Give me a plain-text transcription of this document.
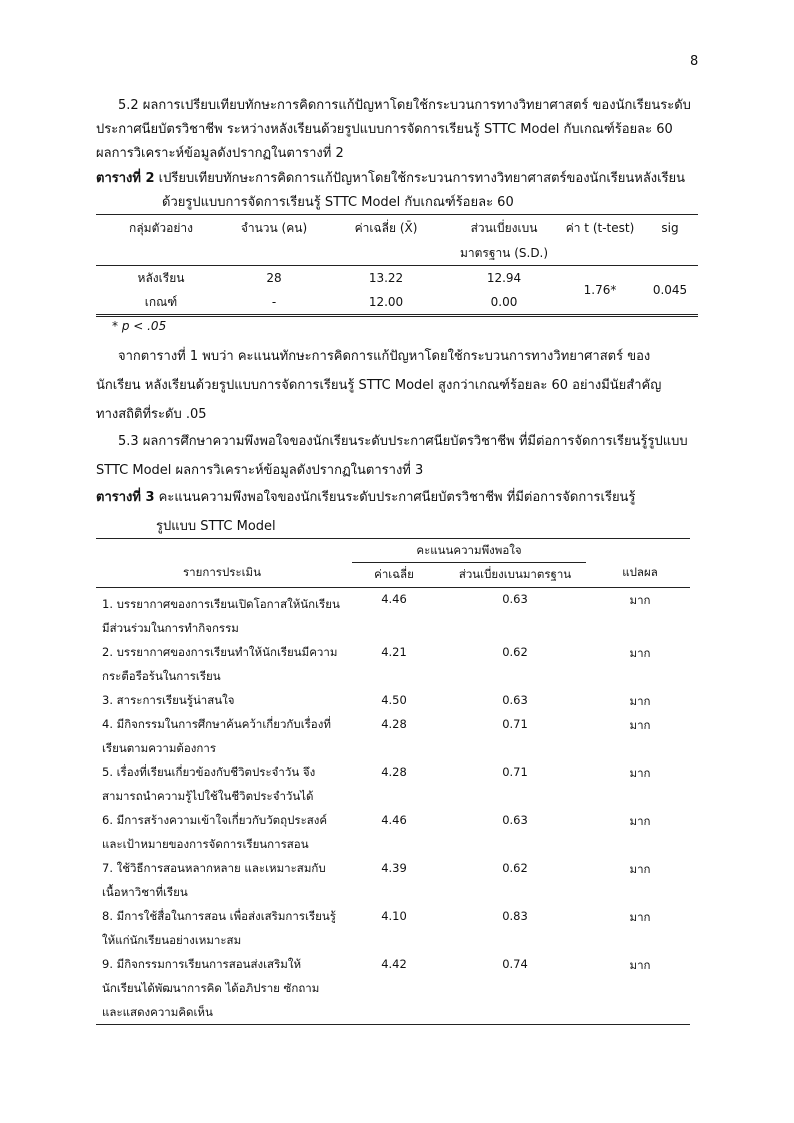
8
5.2 ผลการเปรียบเทียบทักษะการคิดการแก้ปัญหาโดยใช้กระบวนการทางวิทยาศาสตร์ ของนักเรียนระดับ
ประกาศนียบัตรวิชาชีพ ระหว่างหลังเรียนด้วยรูปแบบการจัดการเรียนรู้ STTC Model กับเกณฑ์ร้อยละ 60
ผลการวิเคราะห์ข้อมูลดังปรากฏในตารางที่ 2
ตารางที่ 2 เปรียบเทียบทักษะการคิดการแก้ปัญหาโดยใช้กระบวนการทางวิทยาศาสตร์ของนักเรียนหลังเรียน
ด้วยรูปแบบการจัดการเรียนรู้ STTC Model กับเกณฑ์ร้อยละ 60
กลุ่มตัวอย่าง	จำนวน (คน)	ค่าเฉลี่ย (X̄)	ส่วนเบี่ยงเบน	ค่า t (t-test)	sig
			มาตรฐาน (S.D.)		
หลังเรียน	28	13.22	12.94	1.76*	0.045
เกณฑ์	-	12.00	0.00		
* p < .05
จากตารางที่ 1 พบว่า คะแนนทักษะการคิดการแก้ปัญหาโดยใช้กระบวนการทางวิทยาศาสตร์ ของ
นักเรียน หลังเรียนด้วยรูปแบบการจัดการเรียนรู้ STTC Model สูงกว่าเกณฑ์ร้อยละ 60 อย่างมีนัยสำคัญ
ทางสถิติที่ระดับ .05
5.3 ผลการศึกษาความพึงพอใจของนักเรียนระดับประกาศนียบัตรวิชาชีพ ที่มีต่อการจัดการเรียนรู้รูปแบบ
STTC Model ผลการวิเคราะห์ข้อมูลดังปรากฏในตารางที่ 3
ตารางที่ 3 คะแนนความพึงพอใจของนักเรียนระดับประกาศนียบัตรวิชาชีพ ที่มีต่อการจัดการเรียนรู้
รูปแบบ STTC Model
รายการประเมิน	คะแนนความพึงพอใจ		แปลผล
	ค่าเฉลี่ย	ส่วนเบี่ยงเบนมาตรฐาน	

1. บรรยากาศของการเรียนเปิดโอกาสให้นักเรียน
มีส่วนร่วมในการทำกิจกรรม	4.46	0.63	มาก

2. บรรยากาศของการเรียนทำให้นักเรียนมีความ
กระตือรือร้นในการเรียน	4.21	0.62	มาก

3. สาระการเรียนรู้น่าสนใจ	4.50	0.63	มาก

4. มีกิจกรรมในการศึกษาค้นคว้าเกี่ยวกับเรื่องที่
เรียนตามความต้องการ	4.28	0.71	มาก

5. เรื่องที่เรียนเกี่ยวข้องกับชีวิตประจำวัน จึง
สามารถนำความรู้ไปใช้ในชีวิตประจำวันได้	4.28	0.71	มาก

6. มีการสร้างความเข้าใจเกี่ยวกับวัตถุประสงค์
และเป้าหมายของการจัดการเรียนการสอน	4.46	0.63	มาก

7. ใช้วิธีการสอนหลากหลาย และเหมาะสมกับ
เนื้อหาวิชาที่เรียน	4.39	0.62	มาก

8. มีการใช้สื่อในการสอน เพื่อส่งเสริมการเรียนรู้
ให้แก่นักเรียนอย่างเหมาะสม	4.10	0.83	มาก

9. มีกิจกรรมการเรียนการสอนส่งเสริมให้
นักเรียนได้พัฒนาการคิด ได้อภิปราย ซักถาม
และแสดงความคิดเห็น	4.42	0.74	มาก
